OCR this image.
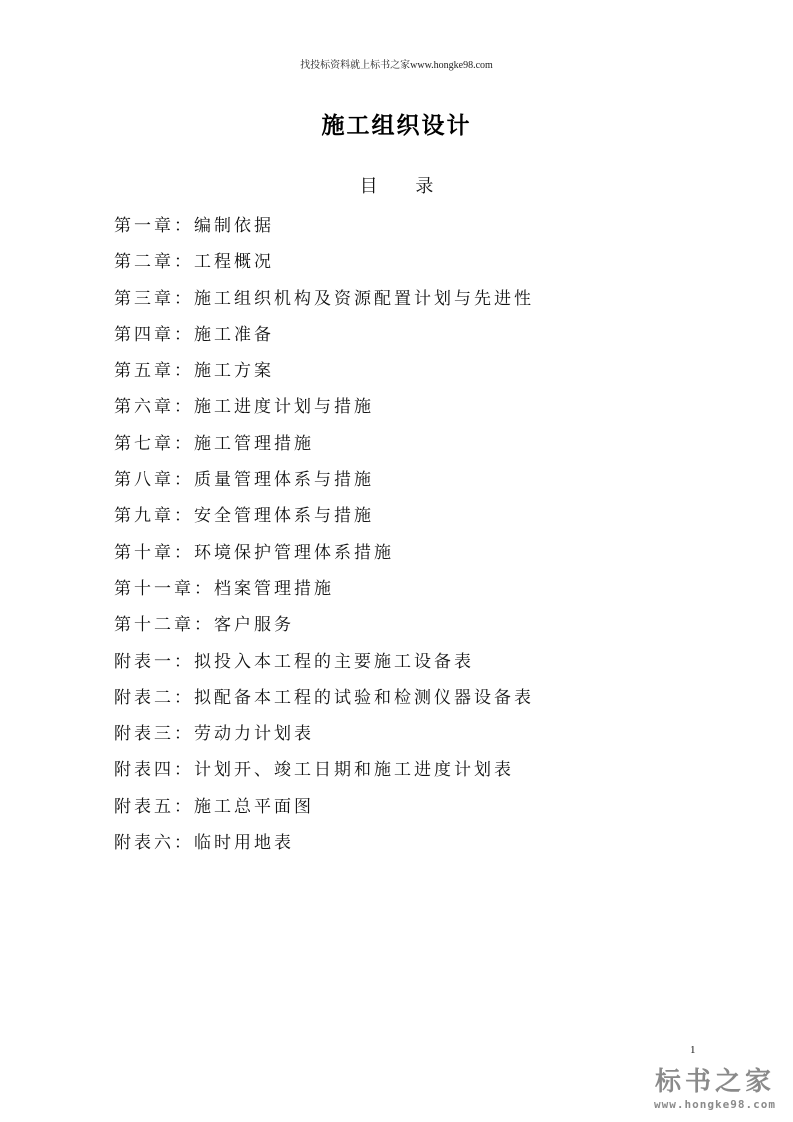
找投标资料就上标书之家www.hongke98.com
施工组织设计
目 录
第一章：编制依据
第二章：工程概况
第三章：施工组织机构及资源配置计划与先进性
第四章：施工准备
第五章：施工方案
第六章：施工进度计划与措施
第七章：施工管理措施
第八章：质量管理体系与措施
第九章：安全管理体系与措施
第十章：环境保护管理体系措施
第十一章：档案管理措施
第十二章：客户服务
附表一：拟投入本工程的主要施工设备表
附表二：拟配备本工程的试验和检测仪器设备表
附表三：劳动力计划表
附表四：计划开、竣工日期和施工进度计划表
附表五：施工总平面图
附表六：临时用地表
1
标书之家
www.hongke98.com
